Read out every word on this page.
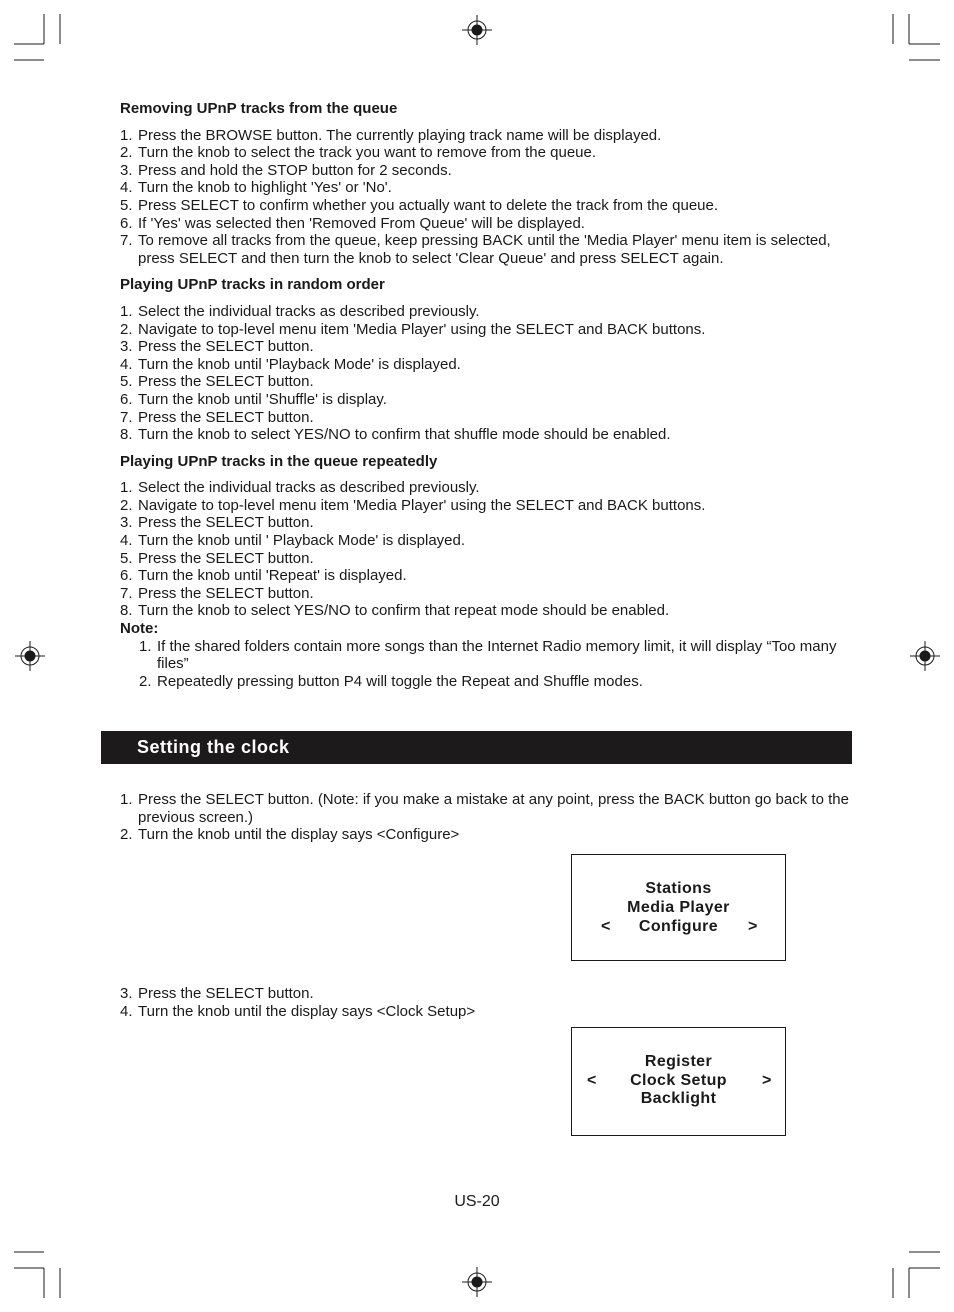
Removing UPnP tracks from the queue

1. Press the BROWSE button. The currently playing track name will be displayed.
2. Turn the knob to select the track you want to remove from the queue.
3. Press and hold the STOP button for 2 seconds.
4. Turn the knob to highlight 'Yes' or 'No'.
5. Press SELECT to confirm whether you actually want to delete the track from the queue.
6. If 'Yes' was selected then 'Removed From Queue' will be displayed.
7. To remove all tracks from the queue, keep pressing BACK until the 'Media Player' menu item is selected, press SELECT and then turn the knob to select 'Clear Queue' and press SELECT again.

Playing UPnP tracks in random order

1. Select the individual tracks as described previously.
2. Navigate to top-level menu item 'Media Player' using the SELECT and BACK buttons.
3. Press the SELECT button.
4. Turn the knob until 'Playback Mode' is displayed.
5. Press the SELECT button.
6. Turn the knob until 'Shuffle' is display.
7. Press the SELECT button.
8. Turn the knob to select YES/NO to confirm that shuffle mode should be enabled.

Playing UPnP tracks in the queue repeatedly

1. Select the individual tracks as described previously.
2. Navigate to top-level menu item 'Media Player' using the SELECT and BACK buttons.
3. Press the SELECT button.
4. Turn the knob until ' Playback Mode' is displayed.
5. Press the SELECT button.
6. Turn the knob until 'Repeat' is displayed.
7. Press the SELECT button.
8. Turn the knob to select YES/NO to confirm that repeat mode should be enabled.
Note:
1. If the shared folders contain more songs than the Internet Radio memory limit, it will display “Too many files”
2. Repeatedly pressing button P4 will toggle the Repeat and Shuffle modes.
Setting the clock
1. Press the SELECT button. (Note: if you make a mistake at any point, press the BACK button go back to the previous screen.)
2. Turn the knob until the display says <Configure>
Stations
Media Player
Configure
<	>
3. Press the SELECT button.
4. Turn the knob until the display says <Clock Setup>
Register
Clock Setup
Backlight
<	>
US-20
